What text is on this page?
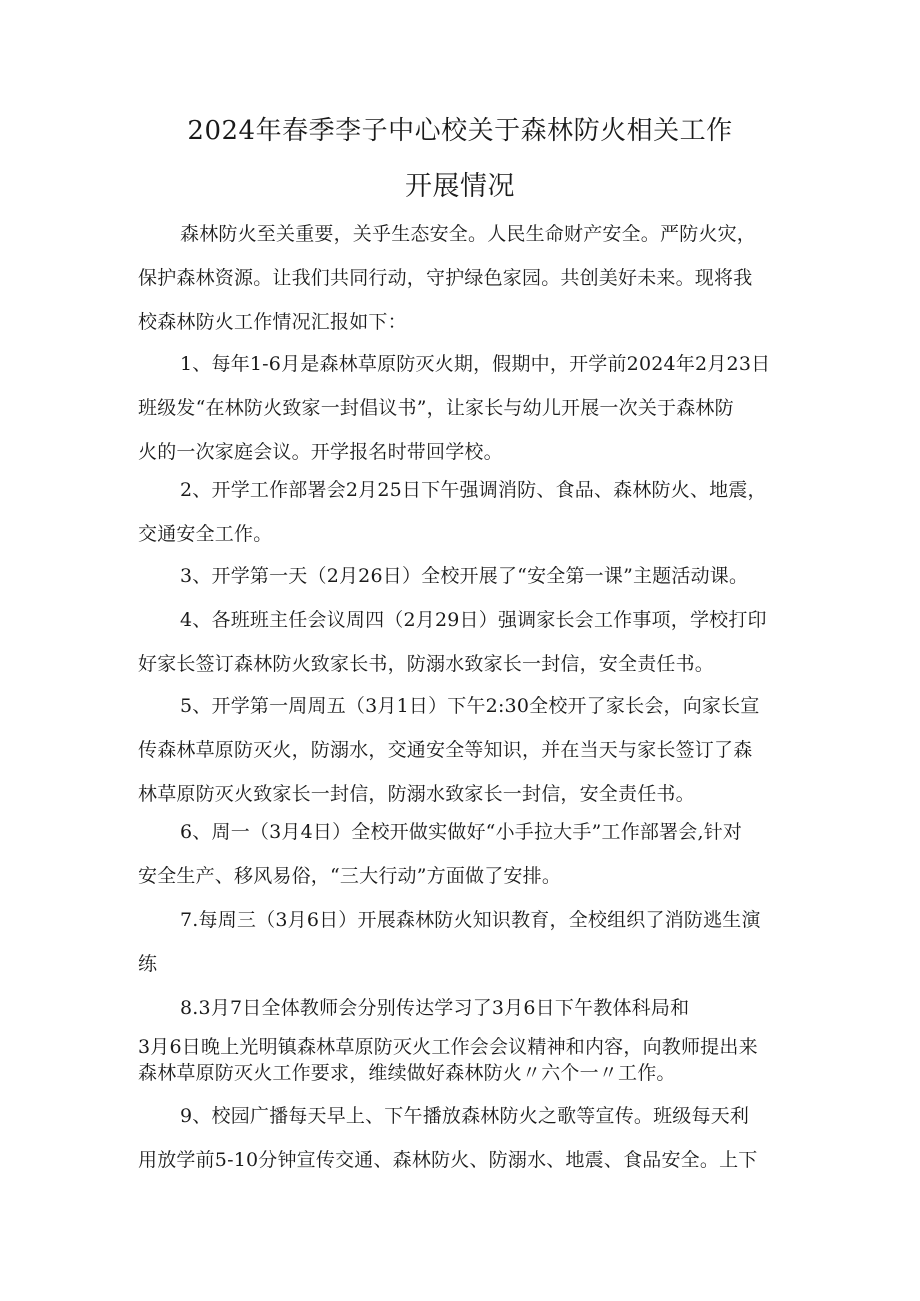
2024年春季李子中心校关于森林防火相关工作
开展情况
森林防火至关重要，关乎生态安全。人民生命财产安全。严防火灾，
保护森林资源。让我们共同行动，守护绿色家园。共创美好未来。现将我
校森林防火工作情况汇报如下：
1、每年1-6月是森林草原防灭火期，假期中，开学前2024年2月23日
班级发“在林防火致家一封倡议书”，让家长与幼儿开展一次关于森林防
火的一次家庭会议。开学报名时带回学校。
2、开学工作部署会2月25日下午强调消防、食品、森林防火、地震，
交通安全工作。
3、开学第一天（2月26日）全校开展了“安全第一课”主题活动课。
4、各班班主任会议周四（2月29日）强调家长会工作事项，学校打印
好家长签订森林防火致家长书，防溺水致家长一封信，安全责任书。
5、开学第一周周五（3月1日）下午2:30全校开了家长会，向家长宣
传森林草原防灭火，防溺水，交通安全等知识，并在当天与家长签订了森
林草原防灭火致家长一封信，防溺水致家长一封信，安全责任书。
6、周一（3月4日）全校开做实做好“小手拉大手”工作部署会,针对
安全生产、移风易俗，“三大行动”方面做了安排。
7.每周三（3月6日）开展森林防火知识教育，全校组织了消防逃生演
练
8.3月7日全体教师会分别传达学习了3月6日下午教体科局和
3月6日晚上光明镇森林草原防灭火工作会会议精神和内容，向教师提出来
森林草原防灭火工作要求，维续做好森林防火〃六个一〃工作。
9、校园广播每天早上、下午播放森林防火之歌等宣传。班级每天利
用放学前5-10分钟宣传交通、森林防火、防溺水、地震、食品安全。上下
